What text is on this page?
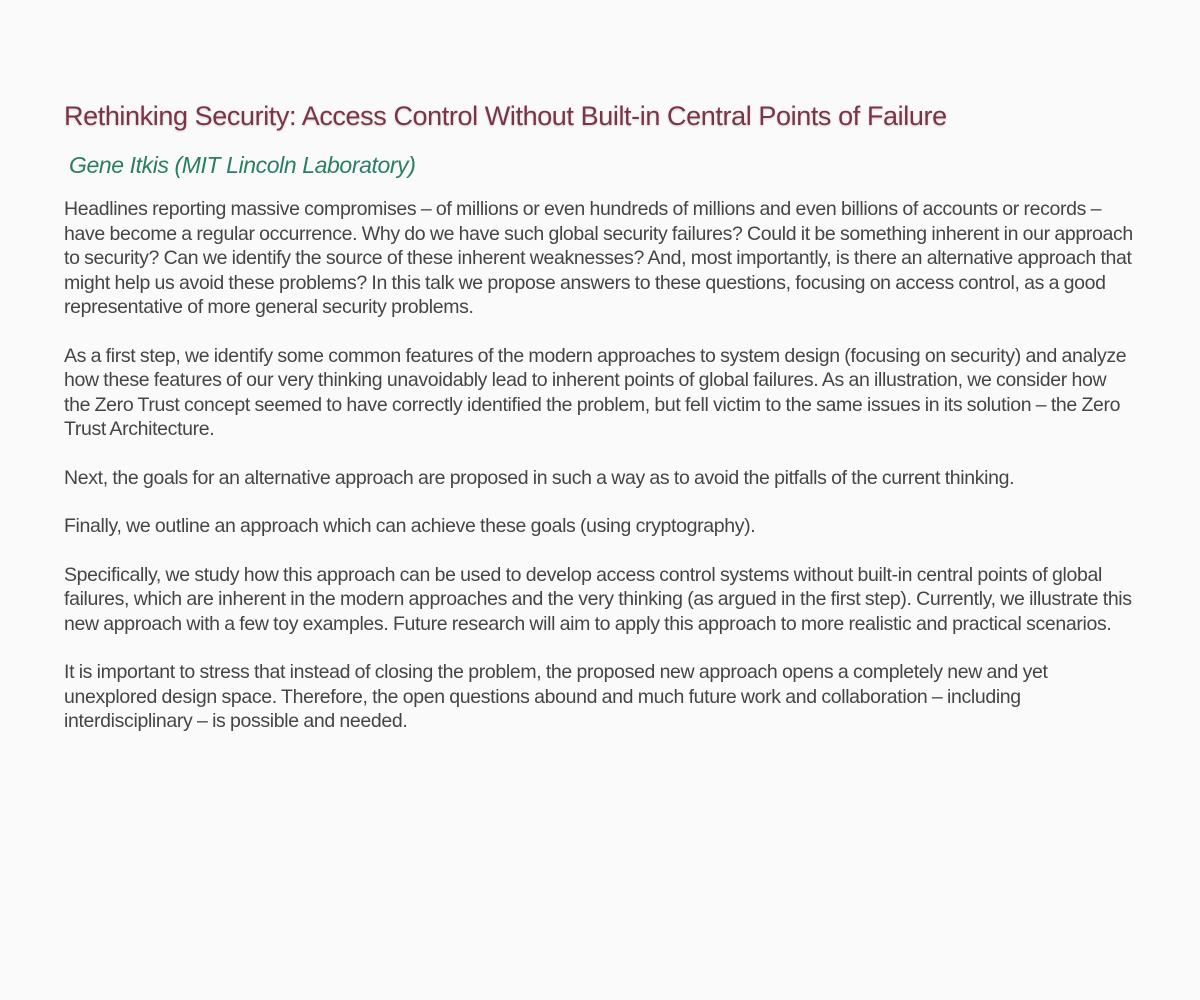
Rethinking Security: Access Control Without Built-in Central Points of Failure
Gene Itkis (MIT Lincoln Laboratory)

Headlines reporting massive compromises – of millions or even hundreds of millions and even billions of accounts or records – have become a regular occurrence. Why do we have such global security failures? Could it be something inherent in our approach to security? Can we identify the source of these inherent weaknesses? And, most importantly, is there an alternative approach that might help us avoid these problems? In this talk we propose answers to these questions, focusing on access control, as a good representative of more general security problems.

As a first step, we identify some common features of the modern approaches to system design (focusing on security) and analyze how these features of our very thinking unavoidably lead to inherent points of global failures. As an illustration, we consider how the Zero Trust concept seemed to have correctly identified the problem, but fell victim to the same issues in its solution – the Zero Trust Architecture.

Next, the goals for an alternative approach are proposed in such a way as to avoid the pitfalls of the current thinking.

Finally, we outline an approach which can achieve these goals (using cryptography).

Specifically, we study how this approach can be used to develop access control systems without built-in central points of global failures, which are inherent in the modern approaches and the very thinking (as argued in the first step). Currently, we illustrate this new approach with a few toy examples. Future research will aim to apply this approach to more realistic and practical scenarios.

It is important to stress that instead of closing the problem, the proposed new approach opens a completely new and yet unexplored design space. Therefore, the open questions abound and much future work and collaboration – including interdisciplinary – is possible and needed.
